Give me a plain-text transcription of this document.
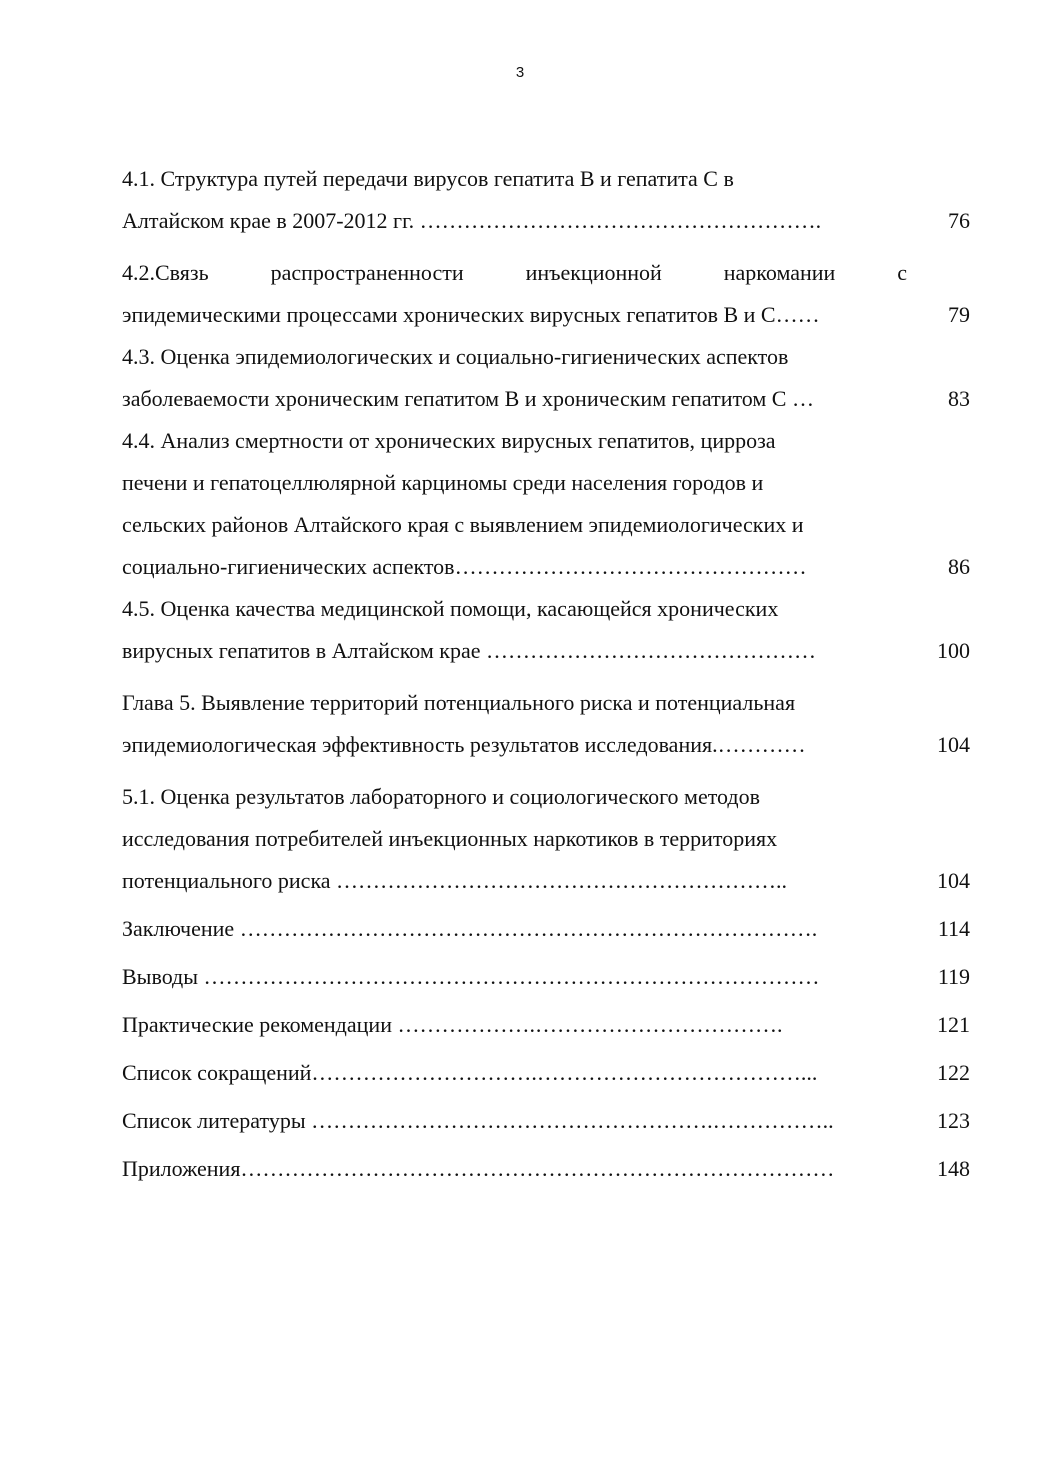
3
4.1. Структура путей передачи вирусов гепатита В и гепатита С в
Алтайском крае в 2007-2012 гг. ……………………………………………….	76
4.2.Связь	распространенности	инъекционной	наркомании	с
эпидемическими процессами хронических вирусных гепатитов В и С……	79
4.3. Оценка эпидемиологических и социально-гигиенических аспектов
заболеваемости хроническим гепатитом В и хроническим гепатитом С …	83
4.4. Анализ смертности от хронических вирусных гепатитов, цирроза
печени и гепатоцеллюлярной карциномы среди населения городов и
сельских районов Алтайского края с выявлением эпидемиологических и
социально-гигиенических аспектов…………………………………………	86
4.5. Оценка качества медицинской помощи, касающейся хронических
вирусных гепатитов в Алтайском крае ………………………………………	100
Глава 5. Выявление территорий потенциального риска и потенциальная
эпидемиологическая эффективность результатов исследования.…………	104
5.1. Оценка результатов лабораторного и социологического методов
исследования потребителей инъекционных наркотиков в территориях
потенциального риска ……………………………………………………..	104
Заключение …………………………………………………………………….	114
Выводы …………………………………………………………………………	119
Практические рекомендации ……………….…………………………….	121
Список сокращений………………………….………………………………...	122
Список литературы ……………………………………………….……………..	123
Приложения………………………………………………………………………	148
